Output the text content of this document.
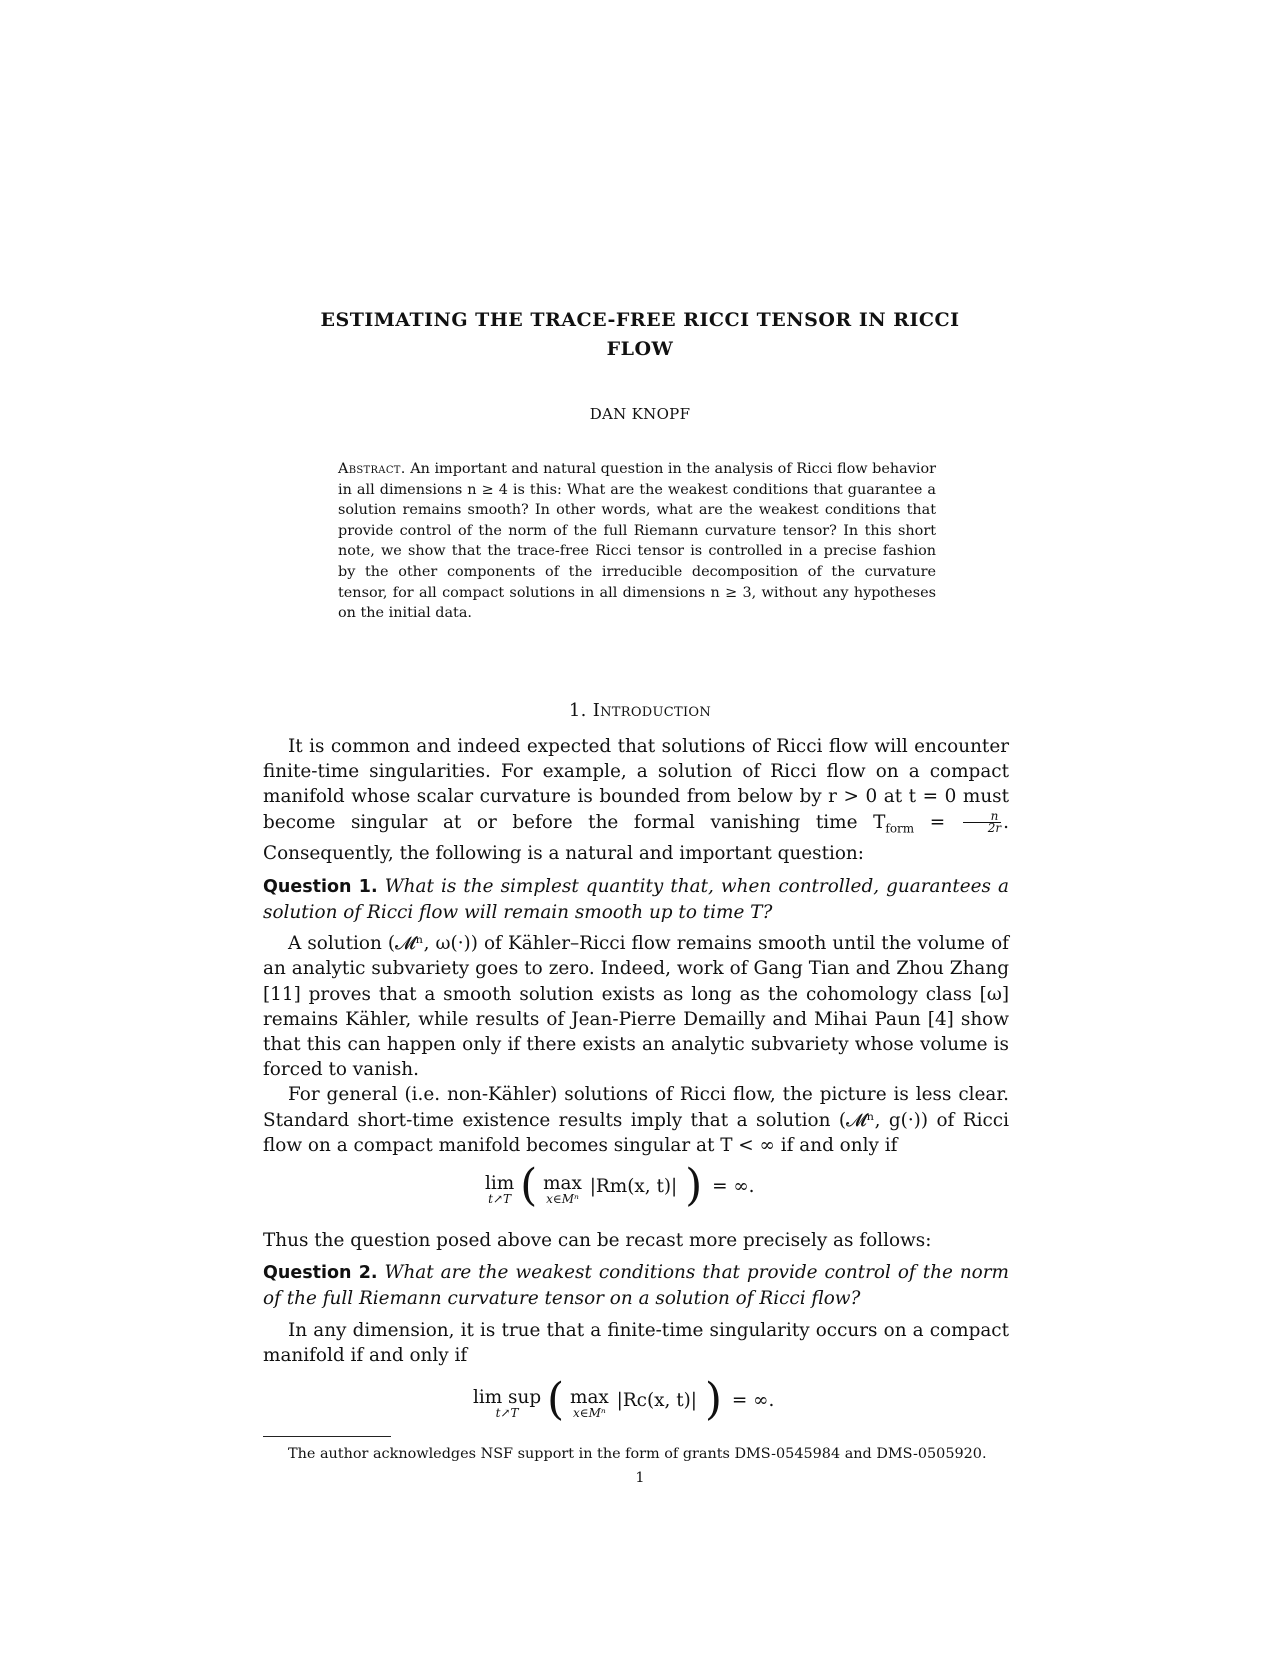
ESTIMATING THE TRACE-FREE RICCI TENSOR IN RICCI
FLOW
DAN KNOPF
Abstract. An important and natural question in the analysis of Ricci flow behavior in all dimensions n ≥ 4 is this: What are the weakest conditions that guarantee a solution remains smooth? In other words, what are the weakest conditions that provide control of the norm of the full Riemann curvature tensor? In this short note, we show that the trace-free Ricci tensor is controlled in a precise fashion by the other components of the irreducible decomposition of the curvature tensor, for all compact solutions in all dimensions n ≥ 3, without any hypotheses on the initial data.
1. Introduction

It is common and indeed expected that solutions of Ricci flow will encounter finite-time singularities. For example, a solution of Ricci flow on a compact manifold whose scalar curvature is bounded from below by r > 0 at t = 0 must become singular at or before the formal vanishing time $T_{form} = \frac{n}{2r}$ . Consequently, the following is a natural and important question:

Question 1. What is the simplest quantity that, when controlled, guarantees a solution of Ricci flow will remain smooth up to time T?

A solution (𝓜ⁿ, ω(·)) of Kähler–Ricci flow remains smooth until the volume of an analytic subvariety goes to zero. Indeed, work of Gang Tian and Zhou Zhang [11] proves that a smooth solution exists as long as the cohomology class [ω] remains Kähler, while results of Jean-Pierre Demailly and Mihai Paun [4] show that this can happen only if there exists an analytic subvariety whose volume is forced to vanish.

For general (i.e. non-Kähler) solutions of Ricci flow, the picture is less clear. Standard short-time existence results imply that a solution (𝓜ⁿ, g(·)) of Ricci flow on a compact manifold becomes singular at T < ∞ if and only if

lim
t↗T ( max
x∈Mⁿ
|Rm(x, t)| ) = ∞.

Thus the question posed above can be recast more precisely as follows:

Question 2. What are the weakest conditions that provide control of the norm of the full Riemann curvature tensor on a solution of Ricci flow?

In any dimension, it is true that a finite-time singularity occurs on a compact manifold if and only if

lim sup
t↗T ( max
x∈Mⁿ
|Rc(x, t)| ) = ∞.
The author acknowledges NSF support in the form of grants DMS-0545984 and DMS-0505920.
1
